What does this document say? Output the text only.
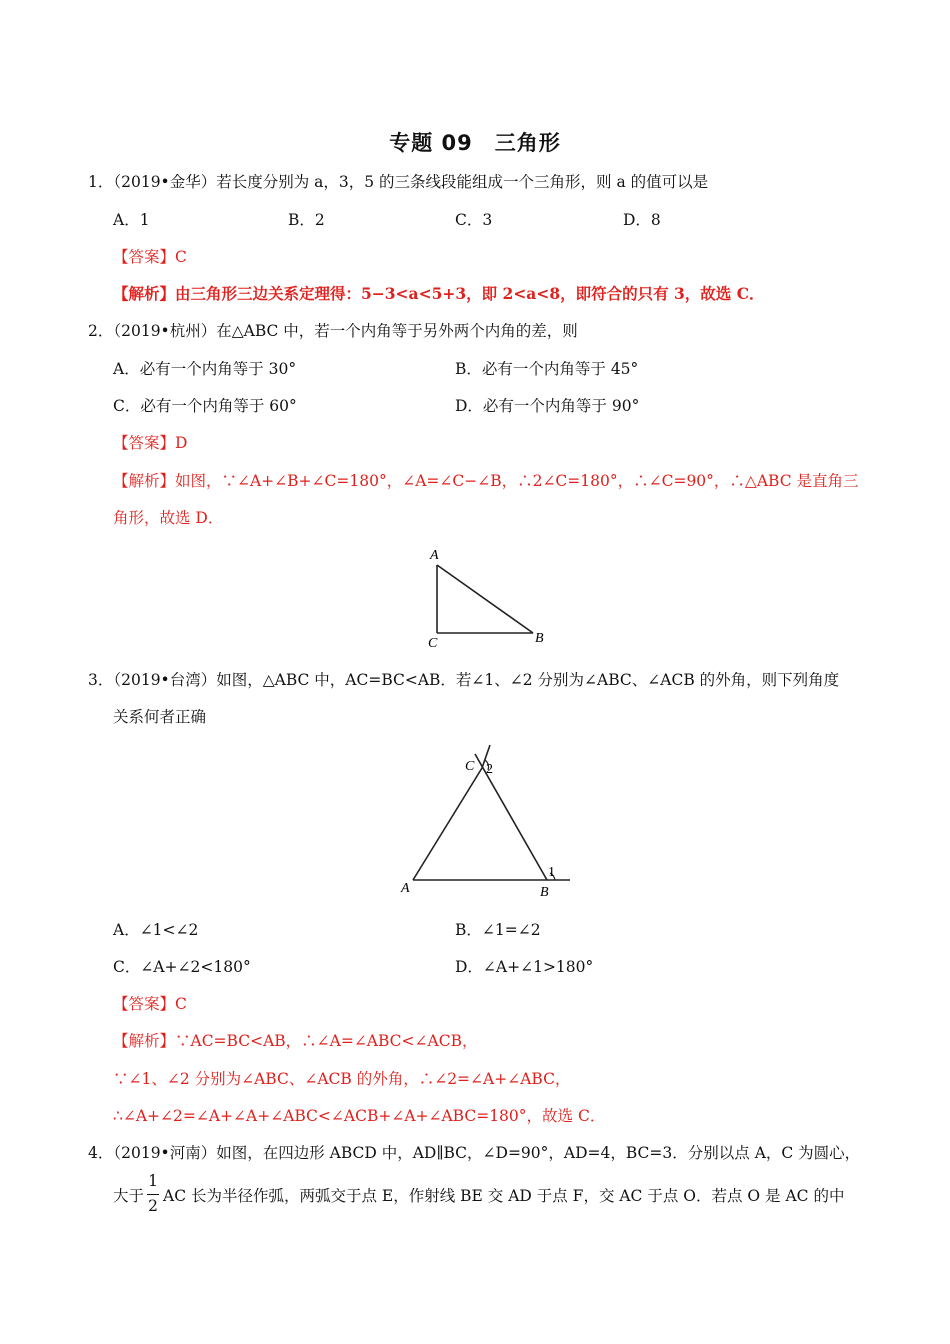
专题 09　三角形
1．（2019•金华）若长度分别为 a，3，5 的三条线段能组成一个三角形，则 a 的值可以是
A．1	B．2	C．3	D．8
【答案】C
【解析】由三角形三边关系定理得：5−3<a<5+3，即 2<a<8，即符合的只有 3，故选 C．
2．（2019•杭州）在△ABC 中，若一个内角等于另外两个内角的差，则
A．必有一个内角等于 30°	B．必有一个内角等于 45°
C．必有一个内角等于 60°	D．必有一个内角等于 90°
【答案】D
【解析】如图，∵∠A+∠B+∠C=180°，∠A=∠C−∠B，∴2∠C=180°，∴∠C=90°，∴△ABC 是直角三
角形，故选 D．
A
C	B
3．（2019•台湾）如图，△ABC 中，AC=BC<AB．若∠1、∠2 分别为∠ABC、∠ACB 的外角，则下列角度
关系何者正确
C 2
A	B
1
A．∠1<∠2	B．∠1=∠2
C．∠A+∠2<180°	D．∠A+∠1>180°
【答案】C
【解析】∵AC=BC<AB，∴∠A=∠ABC<∠ACB，
∵∠1、∠2 分别为∠ABC、∠ACB 的外角，∴∠2=∠A+∠ABC，
∴∠A+∠2=∠A+∠A+∠ABC<∠ACB+∠A+∠ABC=180°，故选 C．
4．（2019•河南）如图，在四边形 ABCD 中，AD∥BC，∠D=90°，AD=4，BC=3．分别以点 A，C 为圆心，
大于
1
2
AC 长为半径作弧，两弧交于点 E，作射线 BE 交 AD 于点 F，交 AC 于点 O．若点 O 是 AC 的中
